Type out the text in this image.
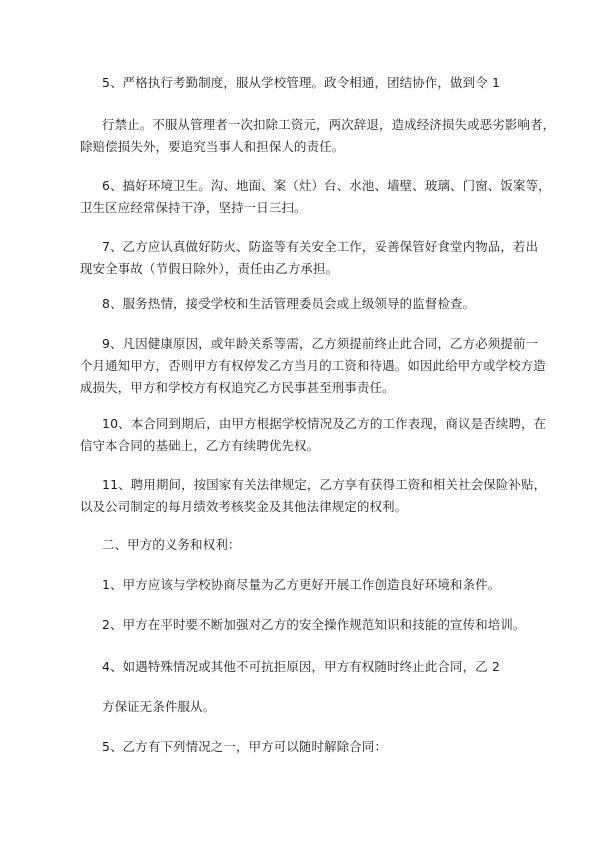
5、严格执行考勤制度，服从学校管理。政令相通，团结协作，做到令 1

行禁止。不服从管理者一次扣除工资元，两次辞退，造成经济损失或恶劣影响者，
除赔偿损失外，要追究当事人和担保人的责任。

6、搞好环境卫生。沟、地面、案（灶）台、水池、墙壁、玻璃、门窗、饭案等，
卫生区应经常保持干净，坚持一日三扫。

7、乙方应认真做好防火、防盗等有关安全工作，妥善保管好食堂内物品，若出
现安全事故（节假日除外），责任由乙方承担。

8、服务热情，接受学校和生活管理委员会或上级领导的监督检查。

9、凡因健康原因，或年龄关系等需，乙方须提前终止此合同，乙方必须提前一
个月通知甲方，否则甲方有权停发乙方当月的工资和待遇。如因此给甲方或学校方造
成损失，甲方和学校方有权追究乙方民事甚至刑事责任。

10、本合同到期后，由甲方根据学校情况及乙方的工作表现，商议是否续聘，在
信守本合同的基础上，乙方有续聘优先权。

11、聘用期间，按国家有关法律规定，乙方享有获得工资和相关社会保险补贴，
以及公司制定的每月绩效考核奖金及其他法律规定的权利。

二、甲方的义务和权利：

1、甲方应该与学校协商尽量为乙方更好开展工作创造良好环境和条件。

2、甲方在平时要不断加强对乙方的安全操作规范知识和技能的宣传和培训。

4、如遇特殊情况或其他不可抗拒原因，甲方有权随时终止此合同，乙 2

方保证无条件服从。

5、乙方有下列情况之一，甲方可以随时解除合同：
